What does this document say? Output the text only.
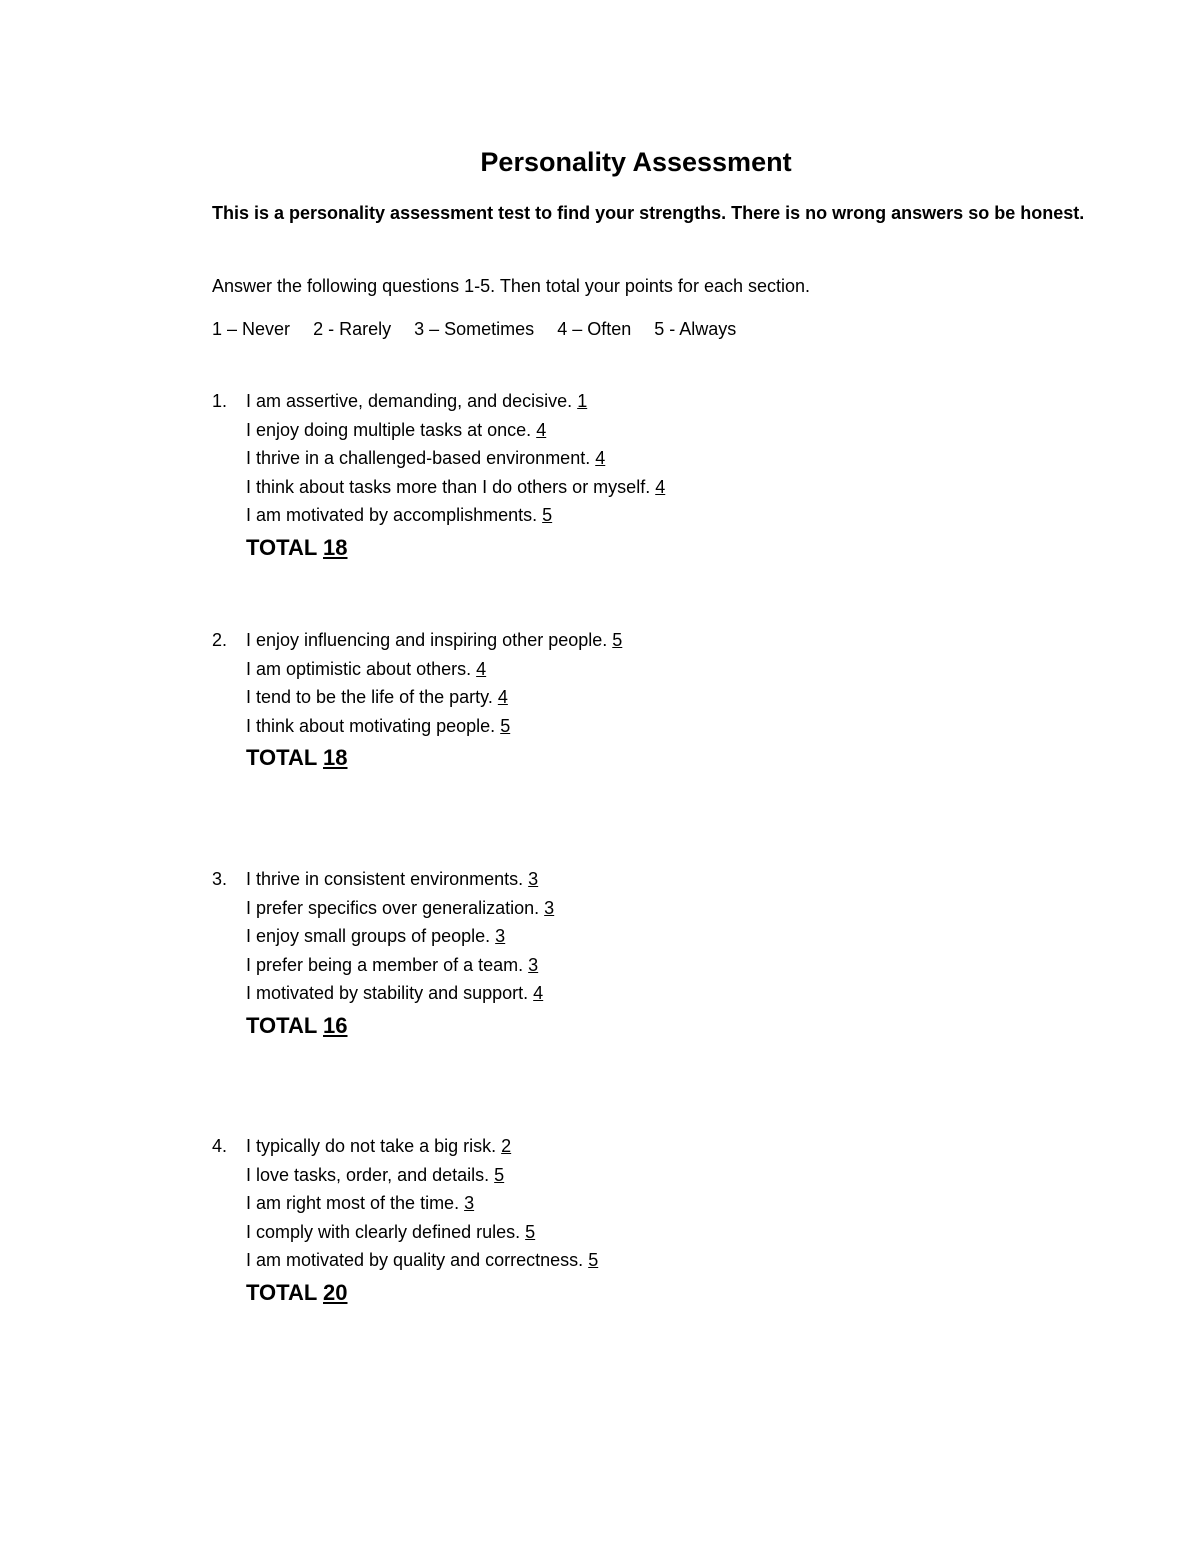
Personality Assessment
This is a personality assessment test to find your strengths. There is no wrong answers so be honest.
Answer the following questions 1-5. Then total your points for each section.
1 – Never 2 - Rarely 3 – Sometimes 4 – Often 5 - Always
1. I am assertive, demanding, and decisive. 1
I enjoy doing multiple tasks at once. 4
I thrive in a challenged-based environment. 4
I think about tasks more than I do others or myself. 4
I am motivated by accomplishments. 5
TOTAL 18
2. I enjoy influencing and inspiring other people. 5
I am optimistic about others. 4
I tend to be the life of the party. 4
I think about motivating people. 5
TOTAL 18
3. I thrive in consistent environments. 3
I prefer specifics over generalization. 3
I enjoy small groups of people. 3
I prefer being a member of a team. 3
I motivated by stability and support. 4
TOTAL 16
4. I typically do not take a big risk. 2
I love tasks, order, and details. 5
I am right most of the time. 3
I comply with clearly defined rules. 5
I am motivated by quality and correctness. 5
TOTAL 20
